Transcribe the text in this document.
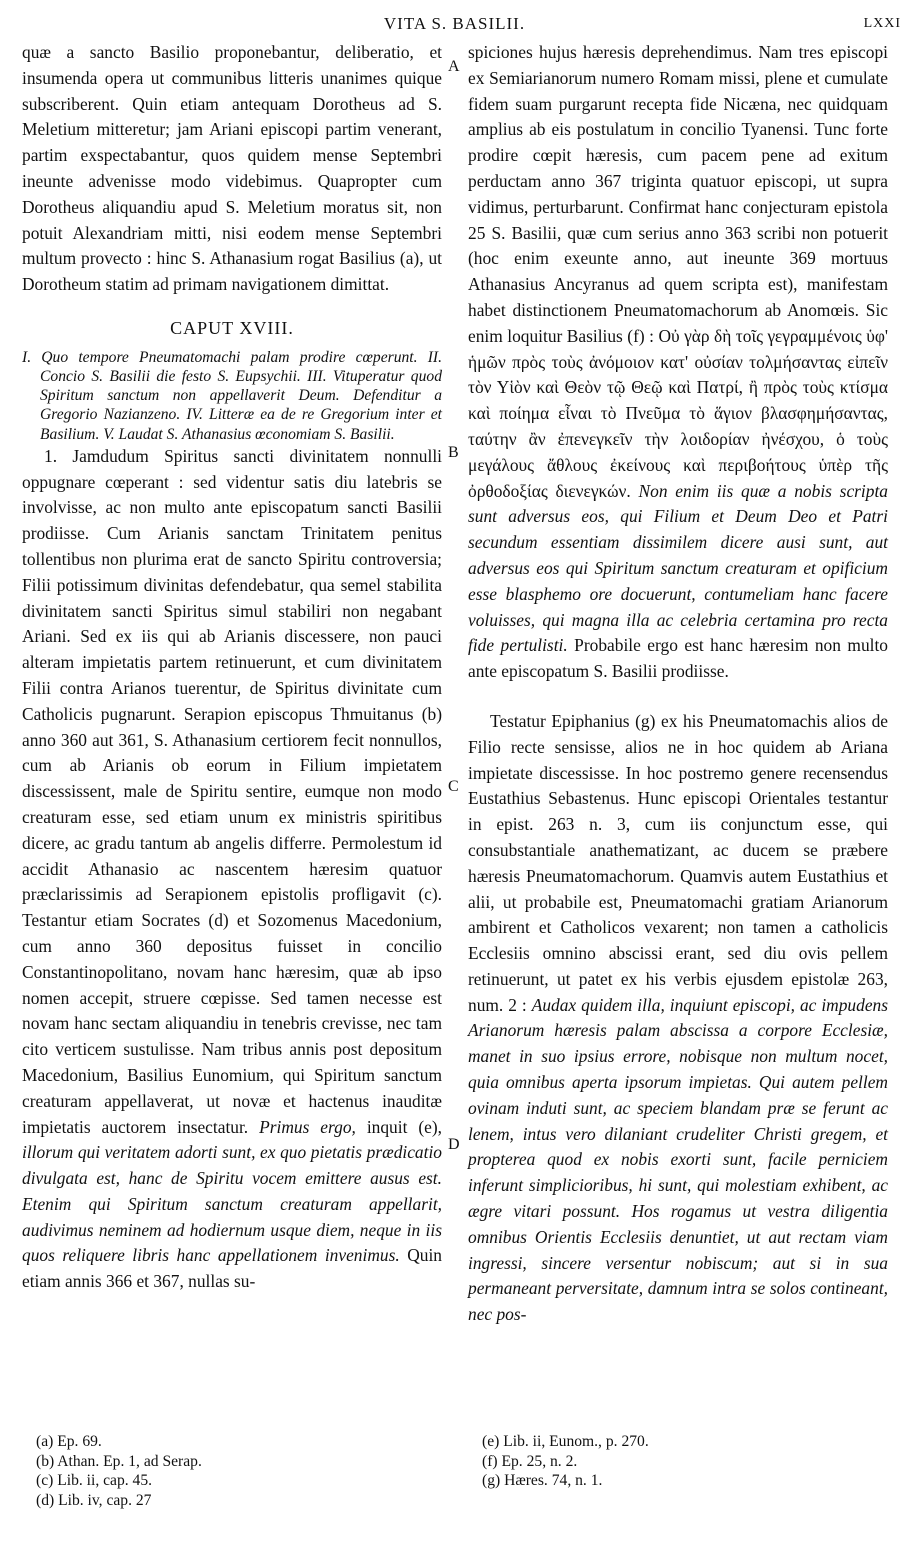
VITA S. BASILII.	LXXI
A
B
C
D

quæ a sancto Basilio proponebantur, deliberatio, et insumenda opera ut communibus litteris unanimes quique subscriberent. Quin etiam antequam Dorotheus ad S. Meletium mitteretur; jam Ariani episcopi partim venerant, partim exspectabantur, quos quidem mense Septembri ineunte advenisse modo videbimus. Quapropter cum Dorotheus aliquandiu apud S. Meletium moratus sit, non potuit Alexandriam mitti, nisi eodem mense Septembri multum provecto : hinc S. Athanasium rogat Basilius (a), ut Dorotheum statim ad primam navigationem dimittat.

CAPUT XVIII.

I. Quo tempore Pneumatomachi palam prodire cœperunt. II. Concio S. Basilii die festo S. Eupsychii. III. Vituperatur quod Spiritum sanctum non appellaverit Deum. Defenditur a Gregorio Nazianzeno. IV. Litteræ ea de re Gregorium inter et Basilium. V. Laudat S. Athanasius œconomiam S. Basilii.

1. Jamdudum Spiritus sancti divinitatem nonnulli oppugnare cœperant : sed videntur satis diu latebris se involvisse, ac non multo ante episcopatum sancti Basilii prodiisse. Cum Arianis sanctam Trinitatem penitus tollentibus non plurima erat de sancto Spiritu controversia; Filii potissimum divinitas defendebatur, qua semel stabilita divinitatem sancti Spiritus simul stabiliri non negabant Ariani. Sed ex iis qui ab Arianis discessere, non pauci alteram impietatis partem retinuerunt, et cum divinitatem Filii contra Arianos tuerentur, de Spiritus divinitate cum Catholicis pugnarunt. Serapion episcopus Thmuitanus (b) anno 360 aut 361, S. Athanasium certiorem fecit nonnullos, cum ab Arianis ob eorum in Filium impietatem discessissent, male de Spiritu sentire, eumque non modo creaturam esse, sed etiam unum ex ministris spiritibus dicere, ac gradu tantum ab angelis differre. Permolestum id accidit Athanasio ac nascentem hæresim quatuor præclarissimis ad Serapionem epistolis profligavit (c). Testantur etiam Socrates (d) et Sozomenus Macedonium, cum anno 360 depositus fuisset in concilio Constantinopolitano, novam hanc hæresim, quæ ab ipso nomen accepit, struere cœpisse. Sed tamen necesse est novam hanc sectam aliquandiu in tenebris crevisse, nec tam cito verticem sustulisse. Nam tribus annis post depositum Macedonium, Basilius Eunomium, qui Spiritum sanctum creaturam appellaverat, ut novæ et hactenus inauditæ impietatis auctorem insectatur. Primus ergo, inquit (e), illorum qui veritatem adorti sunt, ex quo pietatis prædicatio divulgata est, hanc de Spiritu vocem emittere ausus est. Etenim qui Spiritum sanctum creaturam appellarit, audivimus neminem ad hodiernum usque diem, neque in iis quos reliquere libris hanc appellationem invenimus. Quin etiam annis 366 et 367, nullas su-

spiciones hujus hæresis deprehendimus. Nam tres episcopi ex Semiarianorum numero Romam missi, plene et cumulate fidem suam purgarunt recepta fide Nicæna, nec quidquam amplius ab eis postulatum in concilio Tyanensi. Tunc forte prodire cœpit hæresis, cum pacem pene ad exitum perductam anno 367 triginta quatuor episcopi, ut supra vidimus, perturbarunt. Confirmat hanc conjecturam epistola 25 S. Basilii, quæ cum serius anno 363 scribi non potuerit (hoc enim exeunte anno, aut ineunte 369 mortuus Athanasius Ancyranus ad quem scripta est), manifestam habet distinctionem Pneumatomachorum ab Anomœis. Sic enim loquitur Basilius (f) : Οὐ γὰρ δὴ τοῖς γεγραμμένοις ὑφ' ἡμῶν πρὸς τοὺς ἀνόμοιον κατ' οὐσίαν τολμήσαντας εἰπεῖν τὸν Υἱὸν καὶ Θεὸν τῷ Θεῷ καὶ Πατρί, ἢ πρὸς τοὺς κτίσμα καὶ ποίημα εἶναι τὸ Πνεῦμα τὸ ἅγιον βλασφημήσαντας, ταύτην ἂν ἐπενεγκεῖν τὴν λοιδορίαν ἠνέσχου, ὁ τοὺς μεγάλους ἄθλους ἐκείνους καὶ περιβοήτους ὑπὲρ τῆς ὀρθοδοξίας διενεγκών. Non enim iis quæ a nobis scripta sunt adversus eos, qui Filium et Deum Deo et Patri secundum essentiam dissimilem dicere ausi sunt, aut adversus eos qui Spiritum sanctum creaturam et opificium esse blasphemo ore docuerunt, contumeliam hanc facere voluisses, qui magna illa ac celebria certamina pro recta fide pertulisti. Probabile ergo est hanc hæresim non multo ante episcopatum S. Basilii prodiisse.

Testatur Epiphanius (g) ex his Pneumatomachis alios de Filio recte sensisse, alios ne in hoc quidem ab Ariana impietate discessisse. In hoc postremo genere recensendus Eustathius Sebastenus. Hunc episcopi Orientales testantur in epist. 263 n. 3, cum iis conjunctum esse, qui consubstantiale anathematizant, ac ducem se præbere hæresis Pneumatomachorum. Quamvis autem Eustathius et alii, ut probabile est, Pneumatomachi gratiam Arianorum ambirent et Catholicos vexarent; non tamen a catholicis Ecclesiis omnino abscissi erant, sed diu ovis pellem retinuerunt, ut patet ex his verbis ejusdem epistolæ 263, num. 2 : Audax quidem illa, inquiunt episcopi, ac impudens Arianorum hæresis palam abscissa a corpore Ecclesiæ, manet in suo ipsius errore, nobisque non multum nocet, quia omnibus aperta ipsorum impietas. Qui autem pellem ovinam induti sunt, ac speciem blandam præ se ferunt ac lenem, intus vero dilaniant crudeliter Christi gregem, et propterea quod ex nobis exorti sunt, facile perniciem inferunt simplicioribus, hi sunt, qui molestiam exhibent, ac ægre vitari possunt. Hos rogamus ut vestra diligentia omnibus Orientis Ecclesiis denuntiet, ut aut rectam viam ingressi, sincere versentur nobiscum; aut si in sua permaneant perversitate, damnum intra se solos contineant, nec pos-

(a) Ep. 69.
(b) Athan. Ep. 1, ad Serap.
(c) Lib. ii, cap. 45.
(d) Lib. iv, cap. 27
(e) Lib. ii, Eunom., p. 270.
(f) Ep. 25, n. 2.
(g) Hæres. 74, n. 1.
